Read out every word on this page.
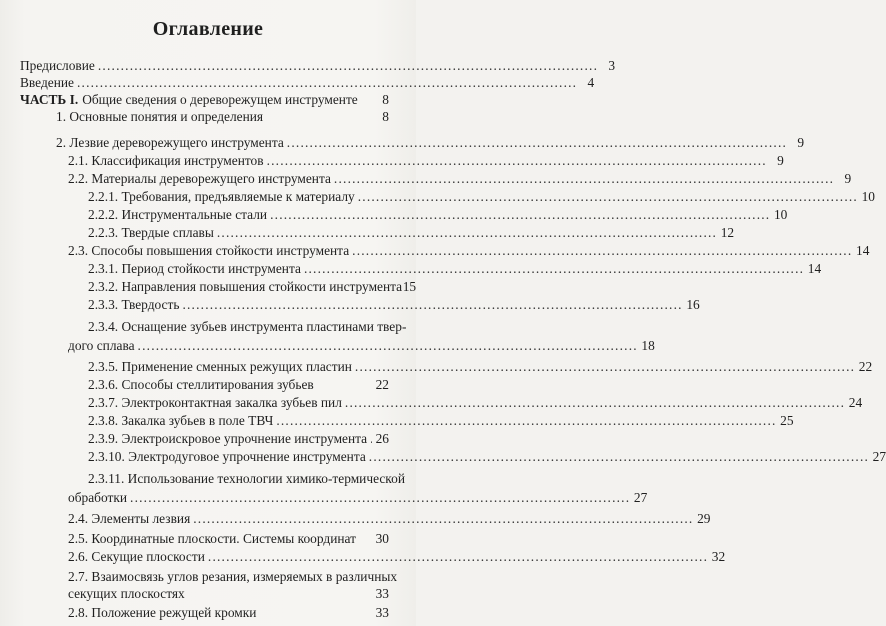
Оглавление
Предисловие .............................................................................................................. 3
Введение .............................................................................................................. 4
ЧАСТЬ I. Общие сведения о дереворежущем инструменте	8
1. Основные понятия и определения	8
2. Лезвие дереворежущего инструмента .............................................................................................................. 9
2.1. Классификация инструментов .............................................................................................................. 9
2.2. Материалы дереворежущего инструмента .............................................................................................................. 9
2.2.1. Требования, предъявляемые к материалу .............................................................................................................. 10
2.2.2. Инструментальные стали .............................................................................................................. 10
2.2.3. Твердые сплавы .............................................................................................................. 12
2.3. Способы повышения стойкости инструмента .............................................................................................................. 14
2.3.1. Период стойкости инструмента .............................................................................................................. 14
2.3.2. Направления повышения стойкости инструмента 15
2.3.3. Твердость .............................................................................................................. 16
2.3.4. Оснащение зубьев инструмента пластинами твер-
дого сплава .............................................................................................................. 18
2.3.5. Применение сменных режущих пластин .............................................................................................................. 22
2.3.6. Способы стеллитирования зубьев	22
2.3.7. Электроконтактная закалка зубьев пил .............................................................................................................. 24
2.3.8. Закалка зубьев в поле ТВЧ .............................................................................................................. 25
2.3.9. Электроискровое упрочнение инструмента 26
2.3.10. Электродуговое упрочнение инструмента .............................................................................................................. 27
2.3.11. Использование технологии химико-термической
обработки .............................................................................................................. 27
2.4. Элементы лезвия .............................................................................................................. 29
2.5. Координатные плоскости. Системы координат 30
2.6. Секущие плоскости .............................................................................................................. 32
2.7. Взаимосвязь углов резания, измеряемых в различных
секущих плоскостях	33
2.8. Положение режущей кромки	33
